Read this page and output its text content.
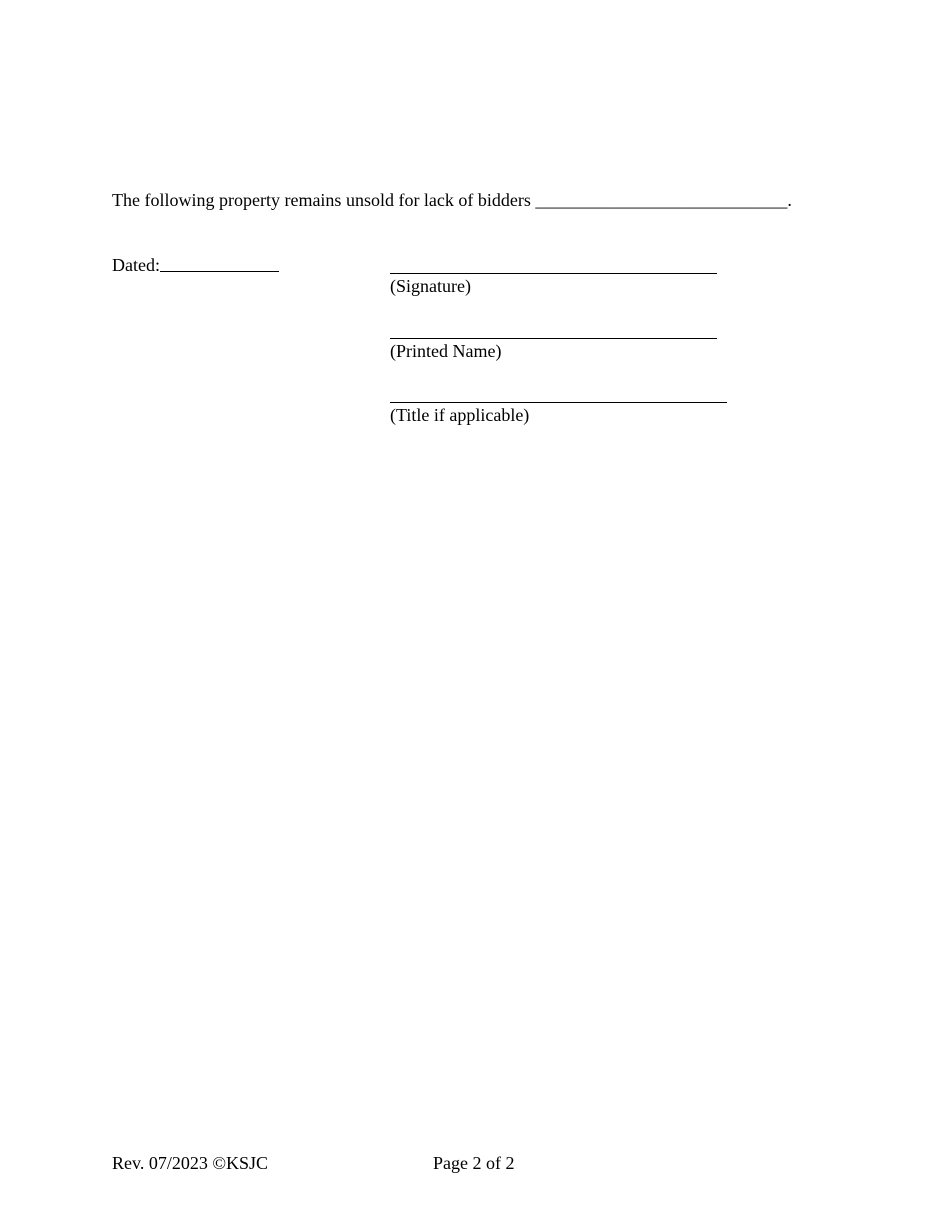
The following property remains unsold for lack of bidders ____________________________.
Dated:
(Signature)
(Printed Name)
(Title if applicable)
Rev. 07/2023 ©KSJC	Page 2 of 2
